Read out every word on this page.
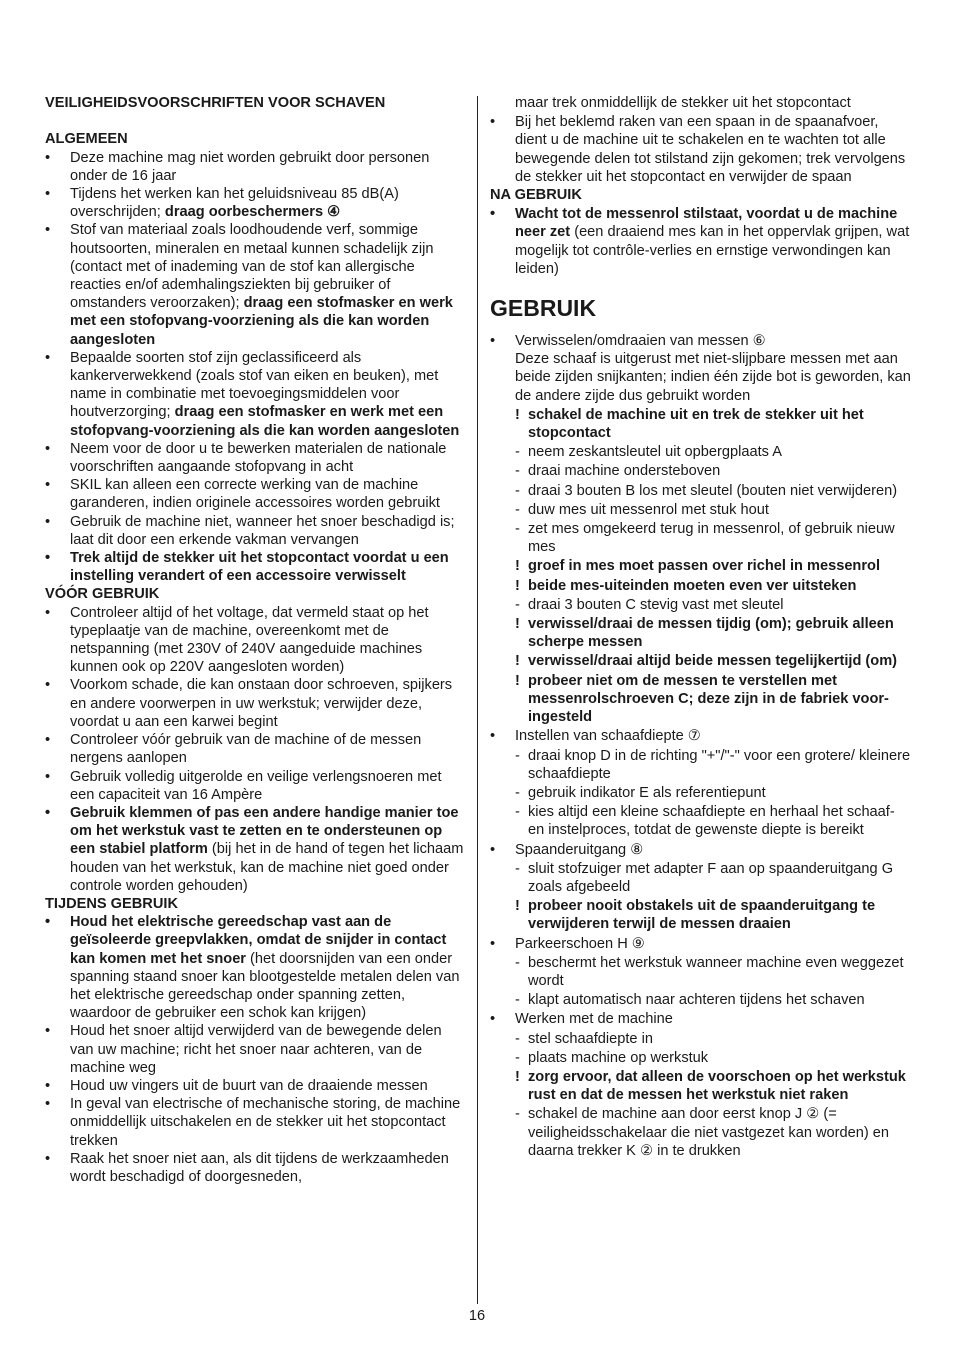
VEILIGHEIDSVOORSCHRIFTEN VOOR SCHAVEN
ALGEMEEN
•	Deze machine mag niet worden gebruikt door personen onder de 16 jaar
•	Tijdens het werken kan het geluidsniveau 85 dB(A) overschrijden; draag oorbeschermers ④
•	Stof van materiaal zoals loodhoudende verf, sommige houtsoorten, mineralen en metaal kunnen schadelijk zijn (contact met of inademing van de stof kan allergische reacties en/of ademhalingsziekten bij gebruiker of omstanders veroorzaken); draag een stofmasker en werk met een stofopvang-voorziening als die kan worden aangesloten
•	Bepaalde soorten stof zijn geclassificeerd als kankerverwekkend (zoals stof van eiken en beuken), met name in combinatie met toevoegingsmiddelen voor houtverzorging; draag een stofmasker en werk met een stofopvang-voorziening als die kan worden aangesloten
•	Neem voor de door u te bewerken materialen de nationale voorschriften aangaande stofopvang in acht
•	SKIL kan alleen een correcte werking van de machine garanderen, indien originele accessoires worden gebruikt
•	Gebruik de machine niet, wanneer het snoer beschadigd is; laat dit door een erkende vakman vervangen
•	Trek altijd de stekker uit het stopcontact voordat u een instelling verandert of een accessoire verwisselt
VÓÓR GEBRUIK
•	Controleer altijd of het voltage, dat vermeld staat op het typeplaatje van de machine, overeenkomt met de netspanning (met 230V of 240V aangeduide machines kunnen ook op 220V aangesloten worden)
•	Voorkom schade, die kan onstaan door schroeven, spijkers en andere voorwerpen in uw werkstuk; verwijder deze, voordat u aan een karwei begint
•	Controleer vóór gebruik van de machine of de messen nergens aanlopen
•	Gebruik volledig uitgerolde en veilige verlengsnoeren met een capaciteit van 16 Ampère
•	Gebruik klemmen of pas een andere handige manier toe om het werkstuk vast te zetten en te ondersteunen op een stabiel platform (bij het in de hand of tegen het lichaam houden van het werkstuk, kan de machine niet goed onder controle worden gehouden)
TIJDENS GEBRUIK
•	Houd het elektrische gereedschap vast aan de geïsoleerde greepvlakken, omdat de snijder in contact kan komen met het snoer (het doorsnijden van een onder spanning staand snoer kan blootgestelde metalen delen van het elektrische gereedschap onder spanning zetten, waardoor de gebruiker een schok kan krijgen)
•	Houd het snoer altijd verwijderd van de bewegende delen van uw machine; richt het snoer naar achteren, van de machine weg
•	Houd uw vingers uit de buurt van de draaiende messen
•	In geval van electrische of mechanische storing, de machine onmiddellijk uitschakelen en de stekker uit het stopcontact trekken
•	Raak het snoer niet aan, als dit tijdens de werkzaamheden wordt beschadigd of doorgesneden,
maar trek onmiddellijk de stekker uit het stopcontact
•	Bij het beklemd raken van een spaan in de spaanafvoer, dient u de machine uit te schakelen en te wachten tot alle bewegende delen tot stilstand zijn gekomen; trek vervolgens de stekker uit het stopcontact en verwijder de spaan
NA GEBRUIK
•	Wacht tot de messenrol stilstaat, voordat u de machine neer zet (een draaiend mes kan in het oppervlak grijpen, wat mogelijk tot contrôle-verlies en ernstige verwondingen kan leiden)
GEBRUIK
•	Verwisselen/omdraaien van messen ⑥
Deze schaaf is uitgerust met niet-slijpbare messen met aan beide zijden snijkanten; indien één zijde bot is geworden, kan de andere zijde dus gebruikt worden
! schakel de machine uit en trek de stekker uit het stopcontact
- neem zeskantsleutel uit opbergplaats A
- draai machine ondersteboven
- draai 3 bouten B los met sleutel (bouten niet verwijderen)
- duw mes uit messenrol met stuk hout
- zet mes omgekeerd terug in messenrol, of gebruik nieuw mes
! groef in mes moet passen over richel in messenrol
! beide mes-uiteinden moeten even ver uitsteken
- draai 3 bouten C stevig vast met sleutel
! verwissel/draai de messen tijdig (om); gebruik alleen scherpe messen
! verwissel/draai altijd beide messen tegelijkertijd (om)
! probeer niet om de messen te verstellen met messenrolschroeven C; deze zijn in de fabriek voor-ingesteld
•	Instellen van schaafdiepte ⑦
- draai knop D in de richting "+"/"-" voor een grotere/ kleinere schaafdiepte
- gebruik indikator E als referentiepunt
- kies altijd een kleine schaafdiepte en herhaal het schaaf- en instelproces, totdat de gewenste diepte is bereikt
•	Spaanderuitgang ⑧
- sluit stofzuiger met adapter F aan op spaanderuitgang G zoals afgebeeld
! probeer nooit obstakels uit de spaanderuitgang te verwijderen terwijl de messen draaien
•	Parkeerschoen H ⑨
- beschermt het werkstuk wanneer machine even weggezet wordt
- klapt automatisch naar achteren tijdens het schaven
•	Werken met de machine
- stel schaafdiepte in
- plaats machine op werkstuk
! zorg ervoor, dat alleen de voorschoen op het werkstuk rust en dat de messen het werkstuk niet raken
- schakel de machine aan door eerst knop J ② (= veiligheidsschakelaar die niet vastgezet kan worden) en daarna trekker K ② in te drukken
16
